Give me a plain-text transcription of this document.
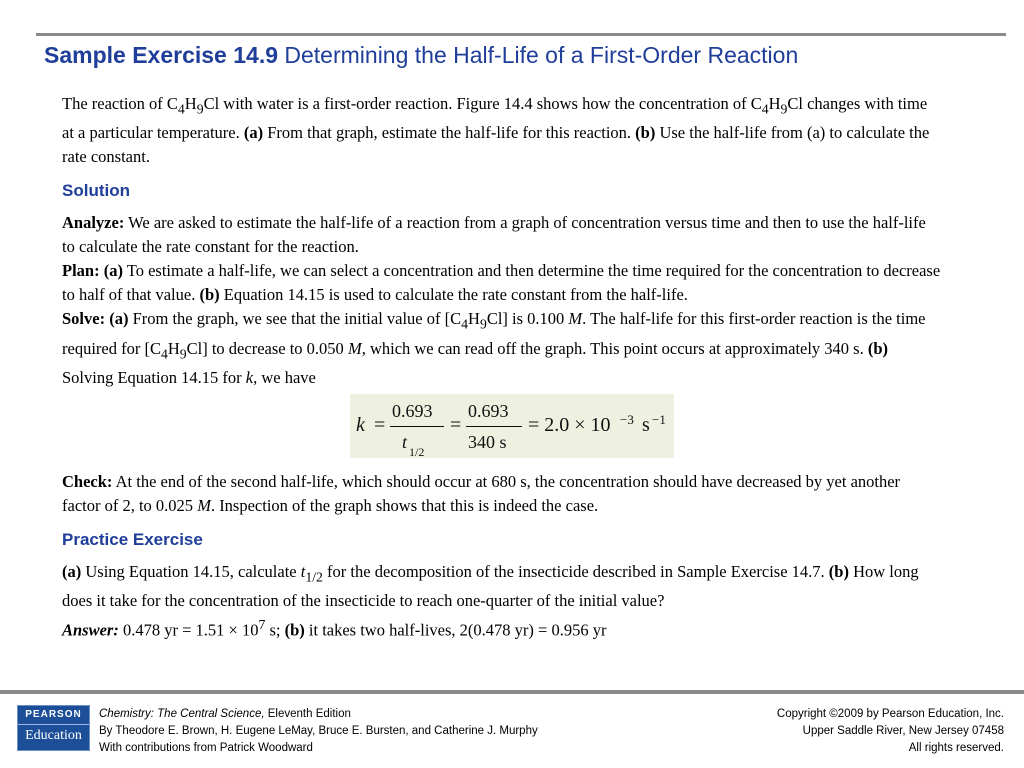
Sample Exercise 14.9 Determining the Half-Life of a First-Order Reaction

The reaction of $C_4H_9Cl$ with water is a first-order reaction. Figure 14.4 shows how the concentration of $C_4H_9Cl$ changes with time at a particular temperature. (a) From that graph, estimate the half-life for this reaction. (b) Use the half-life from (a) to calculate the rate constant.

Solution

Analyze: We are asked to estimate the half-life of a reaction from a graph of concentration versus time and then to use the half-life to calculate the rate constant for the reaction.

Plan: (a) To estimate a half-life, we can select a concentration and then determine the time required for the concentration to decrease to half of that value. (b) Equation 14.15 is used to calculate the rate constant from the half-life.

Solve: (a) From the graph, we see that the initial value of $[C_4H_9Cl]$ is 0.100 M. The half-life for this first-order reaction is the time required for $[C_4H_9Cl]$ to decrease to 0.050 M, which we can read off the graph. This point occurs at approximately 340 s. (b) Solving Equation 14.15 for k, we have

k =
0.693
t 1/2
=
0.693
340 s
= 2.0 × 10 −3 s −1

Check: At the end of the second half-life, which should occur at 680 s, the concentration should have decreased by yet another factor of 2, to 0.025 M. Inspection of the graph shows that this is indeed the case.

Practice Exercise

(a) Using Equation 14.15, calculate $t_{1/2}$ for the decomposition of the insecticide described in Sample Exercise 14.7. (b) How long does it take for the concentration of the insecticide to reach one-quarter of the initial value?

Answer: 0.478 yr = $1.51 \times 10^7$ s; (b) it takes two half-lives, 2(0.478 yr) = 0.956 yr

PEARSON
Education
Chemistry: The Central Science, Eleventh Edition
By Theodore E. Brown, H. Eugene LeMay, Bruce E. Bursten, and Catherine J. Murphy
With contributions from Patrick Woodward
Copyright ©2009 by Pearson Education, Inc.
Upper Saddle River, New Jersey 07458
All rights reserved.
